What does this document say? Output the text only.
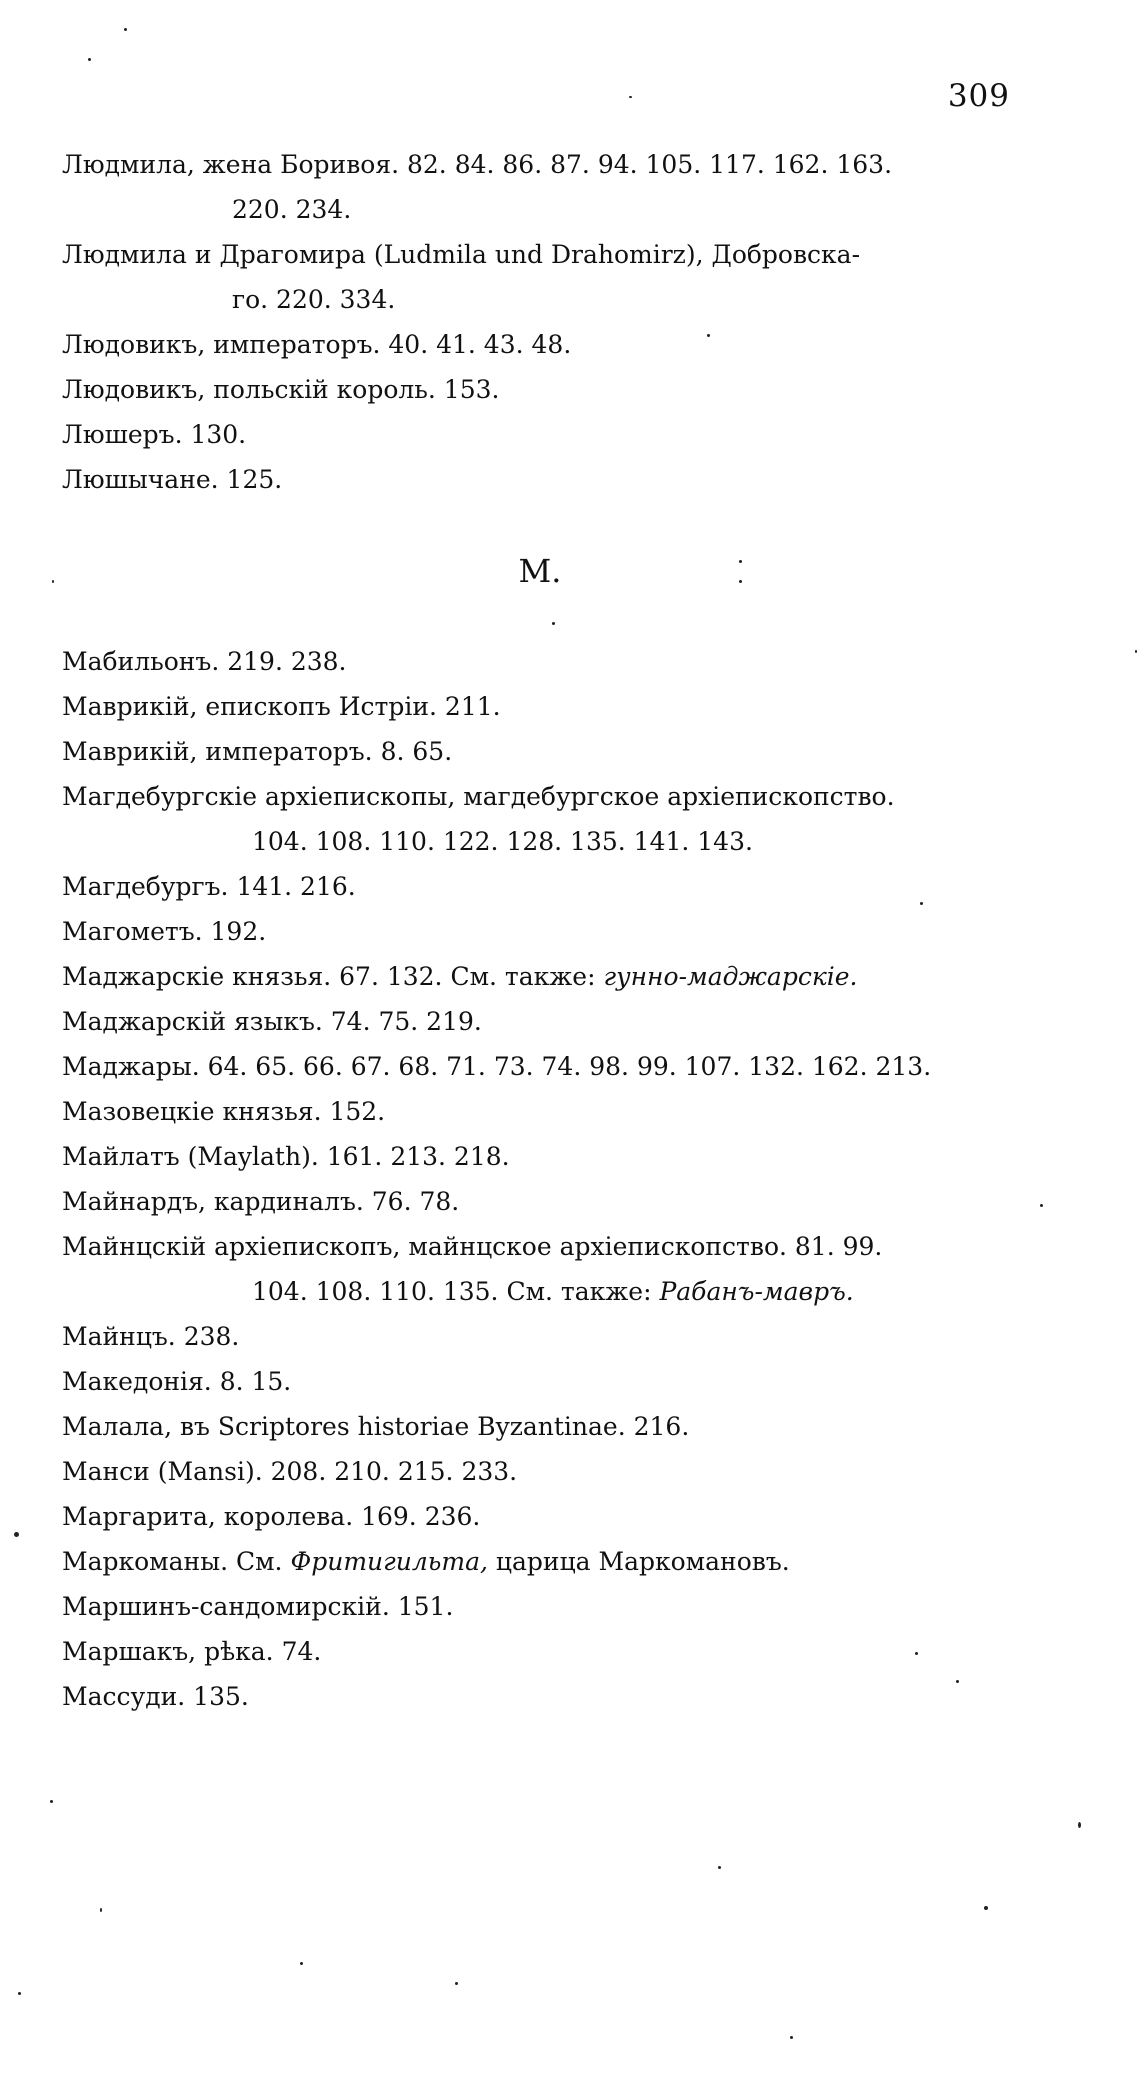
309
Людмила, жена Боривоя. 82. 84. 86. 87. 94. 105. 117. 162. 163.
220. 234.
Людмила и Драгомира (Ludmila und Drahomirz), Добровска-
го. 220. 334.
Людовикъ, императоръ. 40. 41. 43. 48.
Людовикъ, польскій король. 153.
Люшеръ. 130.
Люшычане. 125.
М.
Мабильонъ. 219. 238.
Маврикій, епископъ Истріи. 211.
Маврикій, императоръ. 8. 65.
Магдебургскіе архіепископы, магдебургское архіепископство.
104. 108. 110. 122. 128. 135. 141. 143.
Магдебургъ. 141. 216.
Магометъ. 192.
Маджарскіе князья. 67. 132. См. также: гунно-маджарскіе.
Маджарскій языкъ. 74. 75. 219.
Маджары. 64. 65. 66. 67. 68. 71. 73. 74. 98. 99. 107. 132. 162. 213.
Мазовецкіе князья. 152.
Майлатъ (Maylath). 161. 213. 218.
Майнардъ, кардиналъ. 76. 78.
Майнцскій архіепископъ, майнцское архіепископство. 81. 99.
104. 108. 110. 135. См. также: Рабанъ-мавръ.
Майнцъ. 238.
Македонія. 8. 15.
Малала, въ Scriptores historiae Byzantinae. 216.
Манси (Mansi). 208. 210. 215. 233.
Маргарита, королева. 169. 236.
Маркоманы. См. Фритигильта, царица Маркомановъ.
Маршинъ-сандомирскій. 151.
Маршакъ, рѣка. 74.
Массуди. 135.
